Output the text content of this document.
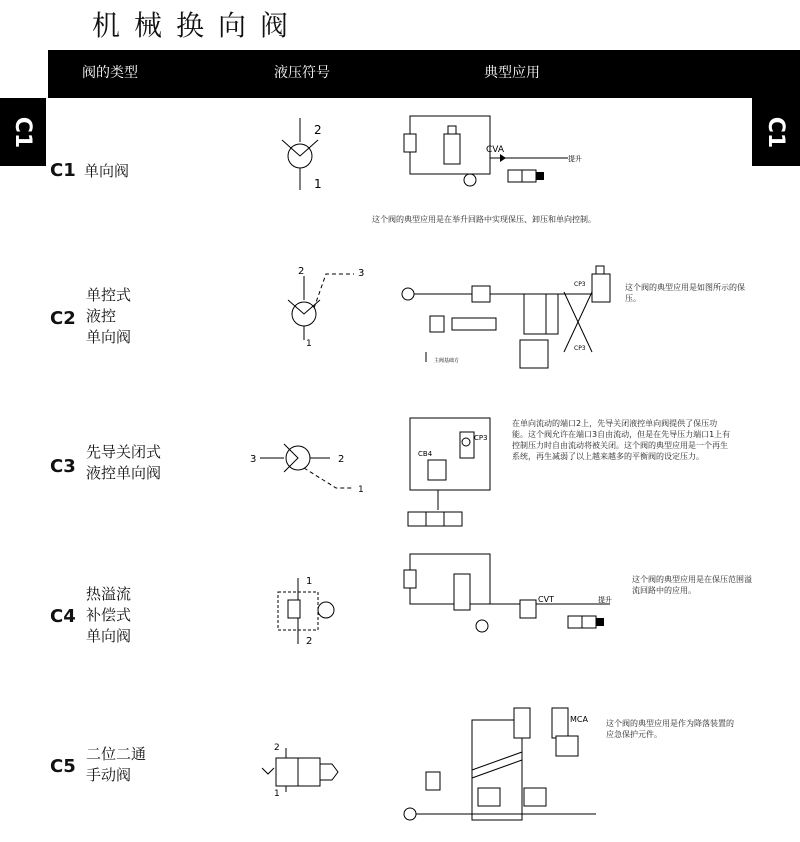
机械换向阀
阀的类型	液压符号	典型应用
C1	C1
C1 单向阀
2
1
CVA
提升
这个阀的典型应用是在举升回路中实现保压、卸压和单向控制。
C2
单控式
液控
单向阀
2	3
1
CP3
CP3
主阀基础方
这个阀的典型应用是如图所示的保压。
C3
先导关闭式
液控单向阀
3	2
1
CP3
CB4
在单向流动的端口2上，先导关闭液控单向阀提供了保压功能。这个阀允许在端口3自由流动，但是在先导压力端口1上有控制压力时自由流动将被关闭。这个阀的典型应用是一个再生系统，再生减弱了以上越来越多的平衡阀的设定压力。
C4
热溢流
补偿式
单向阀
1
2
CVT	提升
这个阀的典型应用是在保压范围溢流回路中的应用。
C5
二位二通
手动阀
2
1
MCA 这个阀的典型应用是作为降落装置的应急保护元件。
